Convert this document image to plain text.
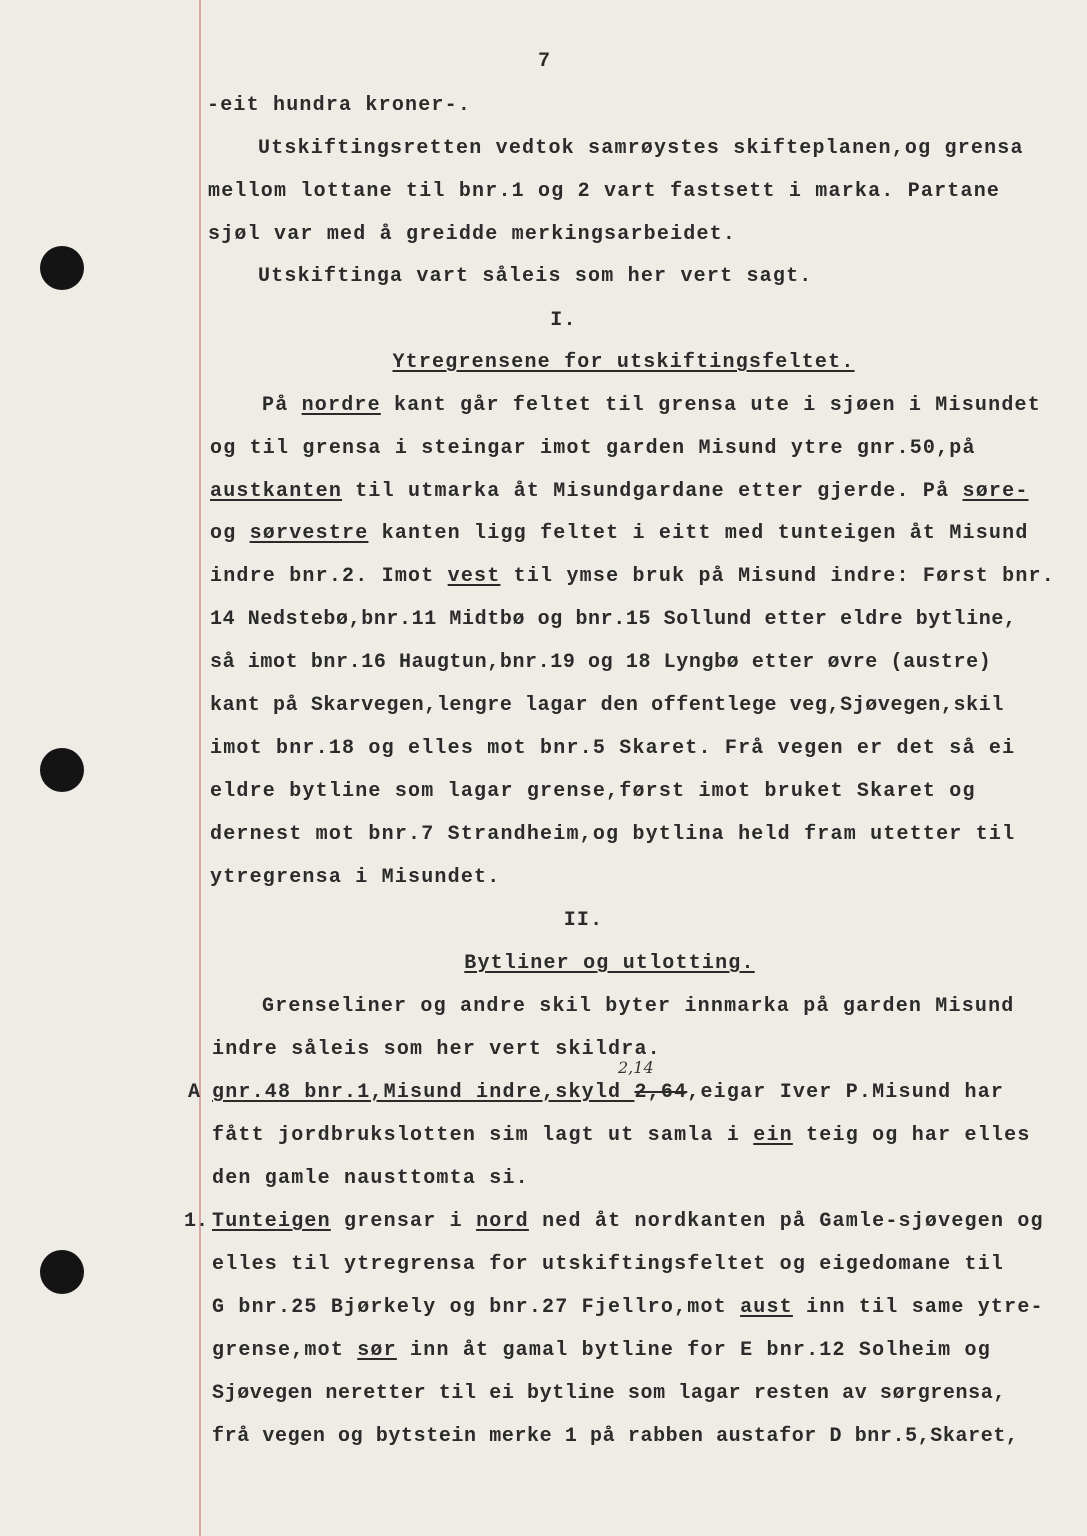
7
-eit hundra kroner-.
Utskiftingsretten vedtok samrøystes skifteplanen,og grensa
mellom lottane til bnr.1 og 2 vart fastsett i marka. Partane
sjøl var med å greidde merkingsarbeidet.
Utskiftinga vart såleis som her vert sagt.
I.
Ytregrensene for utskiftingsfeltet.
På nordre kant går feltet til grensa ute i sjøen i Misundet
og til grensa i steingar imot garden Misund ytre gnr.50,på
austkanten til utmarka åt Misundgardane etter gjerde. På søre-
og sørvestre kanten ligg feltet i eitt med tunteigen åt Misund
indre bnr.2. Imot vest til ymse bruk på Misund indre: Først bnr.
14 Nedstebø,bnr.11 Midtbø og bnr.15 Sollund etter eldre bytline,
så imot bnr.16 Haugtun,bnr.19 og 18 Lyngbø etter øvre (austre)
kant på Skarvegen,lengre lagar den offentlege veg,Sjøvegen,skil
imot bnr.18 og elles mot bnr.5 Skaret. Frå vegen er det så ei
eldre bytline som lagar grense,først imot bruket Skaret og
dernest mot bnr.7 Strandheim,og bytlina held fram utetter til
ytregrensa i Misundet.
II.
Bytliner og utlotting.
Grenseliner og andre skil byter innmarka på garden Misund
indre såleis som her vert skildra.
2,14
A gnr.48 bnr.1,Misund indre,skyld 2,64,eigar Iver P.Misund har
fått jordbrukslotten sim lagt ut samla i ein teig og har elles
den gamle nausttomta si.
1. Tunteigen grensar i nord ned åt nordkanten på Gamle-sjøvegen og
elles til ytregrensa for utskiftingsfeltet og eigedomane til
G bnr.25 Bjørkely og bnr.27 Fjellro,mot aust inn til same ytre-
grense,mot sør inn åt gamal bytline for E bnr.12 Solheim og
Sjøvegen neretter til ei bytline som lagar resten av sørgrensa,
frå vegen og bytstein merke 1 på rabben austafor D bnr.5,Skaret,
